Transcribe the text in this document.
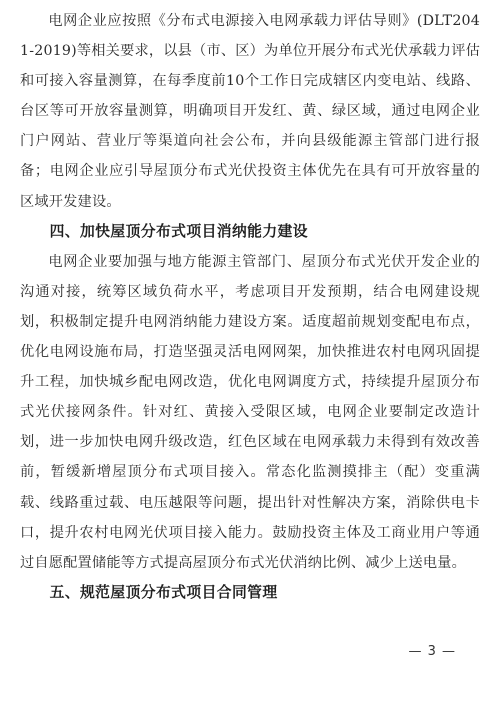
电网企业应按照《分布式电源接入电网承载力评估导则》(DLT2041-2019)等相关要求，以县（市、区）为单位开展分布式光伏承载力评估和可接入容量测算，在每季度前10个工作日完成辖区内变电站、线路、台区等可开放容量测算，明确项目开发红、黄、绿区域，通过电网企业门户网站、营业厅等渠道向社会公布，并向县级能源主管部门进行报备；电网企业应引导屋顶分布式光伏投资主体优先在具有可开放容量的区域开发建设。

四、加快屋顶分布式项目消纳能力建设

电网企业要加强与地方能源主管部门、屋顶分布式光伏开发企业的沟通对接，统筹区域负荷水平，考虑项目开发预期，结合电网建设规划，积极制定提升电网消纳能力建设方案。适度超前规划变配电布点，优化电网设施布局，打造坚强灵活电网网架，加快推进农村电网巩固提升工程，加快城乡配电网改造，优化电网调度方式，持续提升屋顶分布式光伏接网条件。针对红、黄接入受限区域，电网企业要制定改造计划，进一步加快电网升级改造，红色区域在电网承载力未得到有效改善前，暂缓新增屋顶分布式项目接入。常态化监测摸排主（配）变重满载、线路重过载、电压越限等问题，提出针对性解决方案，消除供电卡口，提升农村电网光伏项目接入能力。鼓励投资主体及工商业用户等通过自愿配置储能等方式提高屋顶分布式光伏消纳比例、减少上送电量。

五、规范屋顶分布式项目合同管理

— 3 —
